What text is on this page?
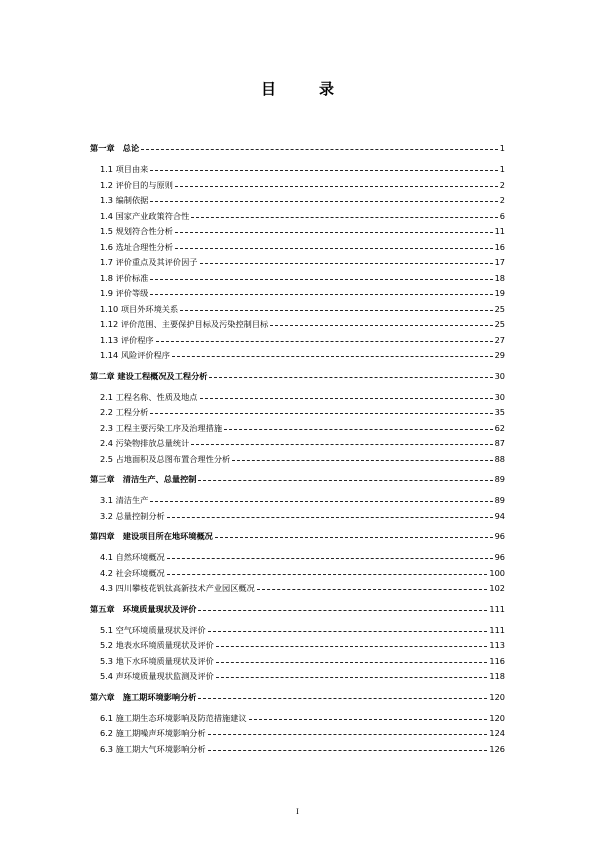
目　录
第一章　总论	1
1.1 项目由来	1
1.2 评价目的与原则	2
1.3 编制依据	2
1.4 国家产业政策符合性	6
1.5 规划符合性分析	11
1.6 选址合理性分析	16
1.7 评价重点及其评价因子	17
1.8 评价标准	18
1.9 评价等级	19
1.10 项目外环境关系	25
1.12 评价范围、主要保护目标及污染控制目标	25
1.13 评价程序	27
1.14 风险评价程序	29
第二章 建设工程概况及工程分析	30
2.1 工程名称、性质及地点	30
2.2 工程分析	35
2.3 工程主要污染工序及治理措施	62
2.4 污染物排放总量统计	87
2.5 占地面积及总图布置合理性分析	88
第三章　清洁生产、总量控制	89
3.1 清洁生产	89
3.2 总量控制分析	94
第四章　建设项目所在地环境概况	96
4.1 自然环境概况	96
4.2 社会环境概况	100
4.3 四川攀枝花钒钛高新技术产业园区概况	102
第五章　环境质量现状及评价	111
5.1 空气环境质量现状及评价	111
5.2 地表水环境质量现状及评价	113
5.3 地下水环境质量现状及评价	116
5.4 声环境质量现状监测及评价	118
第六章　施工期环境影响分析	120
6.1 施工期生态环境影响及防范措施建议	120
6.2 施工期噪声环境影响分析	124
6.3 施工期大气环境影响分析	126
I
